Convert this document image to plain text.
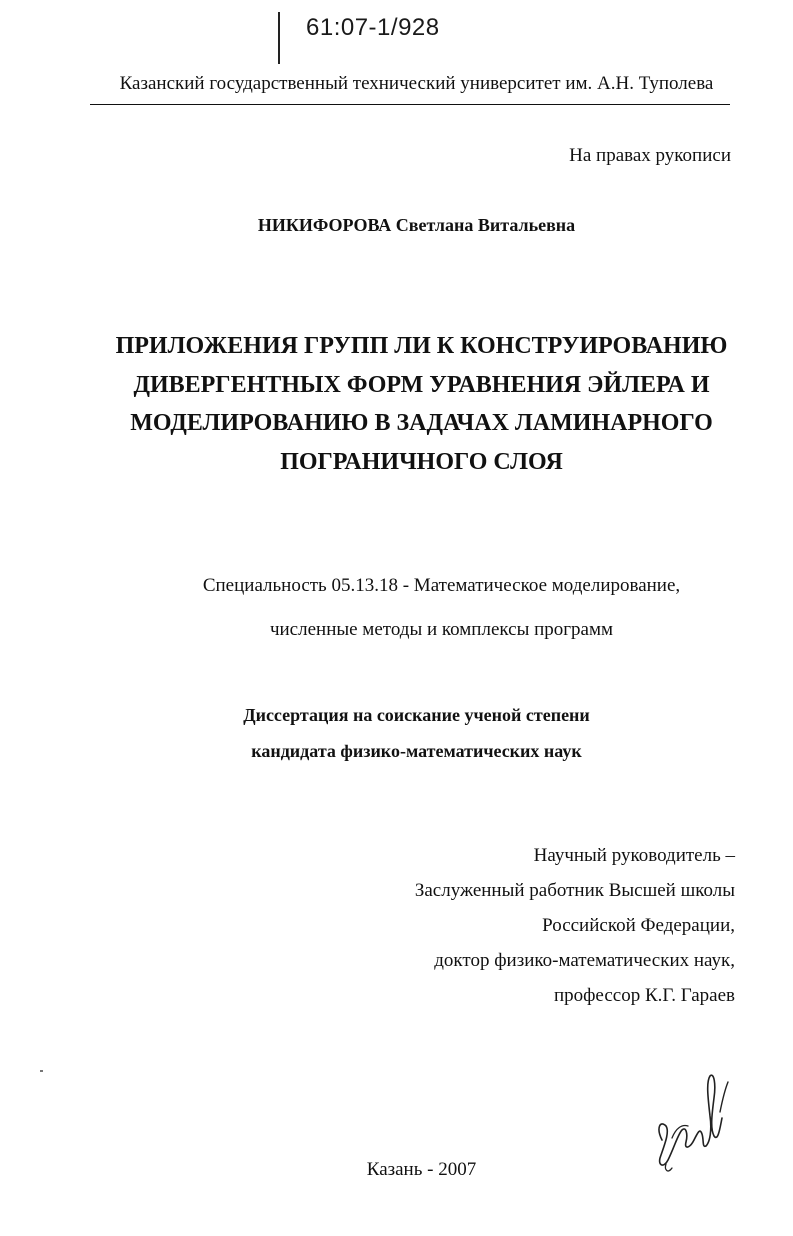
61:07-1/928

Казанский государственный технический университет им. А.Н. Туполева

На правах рукописи

НИКИФОРОВА Светлана Витальевна

ПРИЛОЖЕНИЯ ГРУПП ЛИ К КОНСТРУИРОВАНИЮ
ДИВЕРГЕНТНЫХ ФОРМ УРАВНЕНИЯ ЭЙЛЕРА И
МОДЕЛИРОВАНИЮ В ЗАДАЧАХ ЛАМИНАРНОГО
ПОГРАНИЧНОГО СЛОЯ

Специальность 05.13.18 - Математическое моделирование,

численные методы и комплексы программ

Диссертация на соискание ученой степени
кандидата физико-математических наук
Научный руководитель –
Заслуженный работник Высшей школы
Российской Федерации,
доктор физико-математических наук,
профессор К.Г. Гараев

Казань - 2007
